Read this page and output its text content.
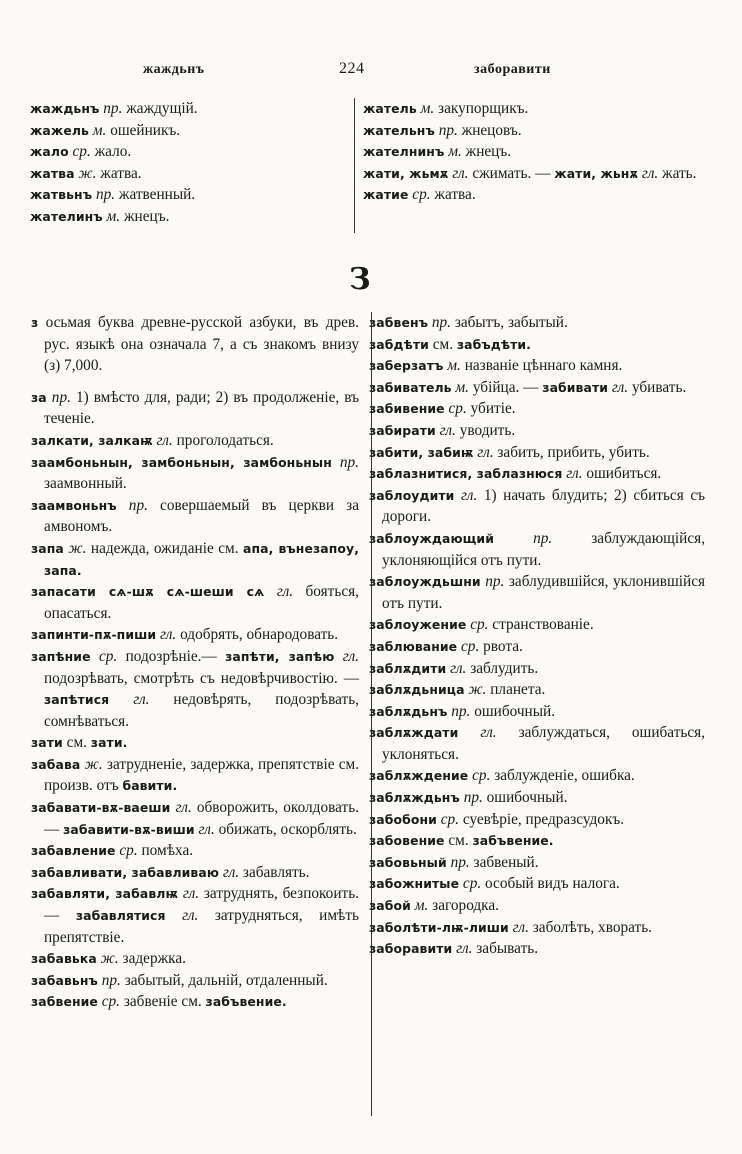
жаждьнъ	224	заборавити

жаждьнъ пр. жаждущій.

жажель м. ошейникъ.

жало ср. жало.

жатва ж. жатва.

жатвьнъ пр. жатвенный.

жателинъ м. жнецъ.

жатель м. закупорщикъ.

жательнъ пр. жнецовъ.

жателнинъ м. жнецъ.

жати, жьмѫ гл. сжимать. — жати, жьнѫ гл. жать.

жатие ср. жатва.

З

з осьмая буква древне-русской азбуки, въ древ. рус. языкѣ она означала 7, а съ знакомъ внизу (з) 7,000.

за пр. 1) вмѣсто для, ради; 2) въ продолженіе, въ теченіе.

залкати, залкаѭ гл. проголодаться.

заамбоньнын, замбоньнын, замбоньнын пр. заамвонный.

заамвоньнъ пр. совершаемый въ церкви за амвономъ.

запа ж. надежда, ожиданіе см. апа, вънезапоу, запа.

запасати сѧ-шѫ сѧ-шеши сѧ гл. бояться, опасаться.

запинти-пѫ-пиши гл. одобрять, обнародовать.

запѣние ср. подозрѣніе.— запѣти, запѣю гл. подозрѣвать, смотрѣть съ недовѣрчивостію. — запѣтися гл. недовѣрять, подозрѣвать, сомнѣваться.

зати см. зати.

забава ж. затрудненіе, задержка, препятствіе см. произв. отъ бавити.

забавати-вѫ-ваеши гл. обворожить, околдовать. — забавити-вѫ-виши гл. обижать, оскорблять.

забавление ср. помѣха.

забавливати, забавливаю гл. забавлять.

забавляти, забавлѭ гл. затруднять, безпокоить. — забавлятися гл. затрудняться, имѣть препятствіе.

забавька ж. задержка.

забавьнъ пр. забытый, дальній, отдаленный.

забвение ср. забвеніе см. забъвение.

забвенъ пр. забытъ, забытый.

забдѣти см. забъдѣти.

заберзатъ м. названіе цѣннаго камня.

забиватель м. убійца. — забивати гл. убивать.

забивение ср. убитіе.

забирати гл. уводить.

забити, забиѭ гл. забить, прибить, убить.

заблазнитися, заблазнюся гл. ошибиться.

заблоудити гл. 1) начать блудить; 2) сбиться съ дороги.

заблоуждающий	пр.	заблуждающійся, уклоняющійся отъ пути.

заблоуждьшни пр. заблудившійся, уклонившійся отъ пути.

заблоужение ср. странствованіе.

заблювание ср. рвота.

заблѫдити гл. заблудить.

заблѫдьница ж. планета.

заблѫдьнъ пр. ошибочный.

заблѫждати гл. заблуждаться, ошибаться, уклоняться.

заблѫждение ср. заблужденіе, ошибка.

заблѫждьнъ пр. ошибочный.

забобони ср. суевѣріе, предразсудокъ.

забовение см. забъвение.

забовьный пр. забвеный.

забожнитые ср. особый видъ налога.

забой м. загородка.

заболѣти-лѭ-лиши гл. заболѣть, хворать.

заборавити гл. забывать.
